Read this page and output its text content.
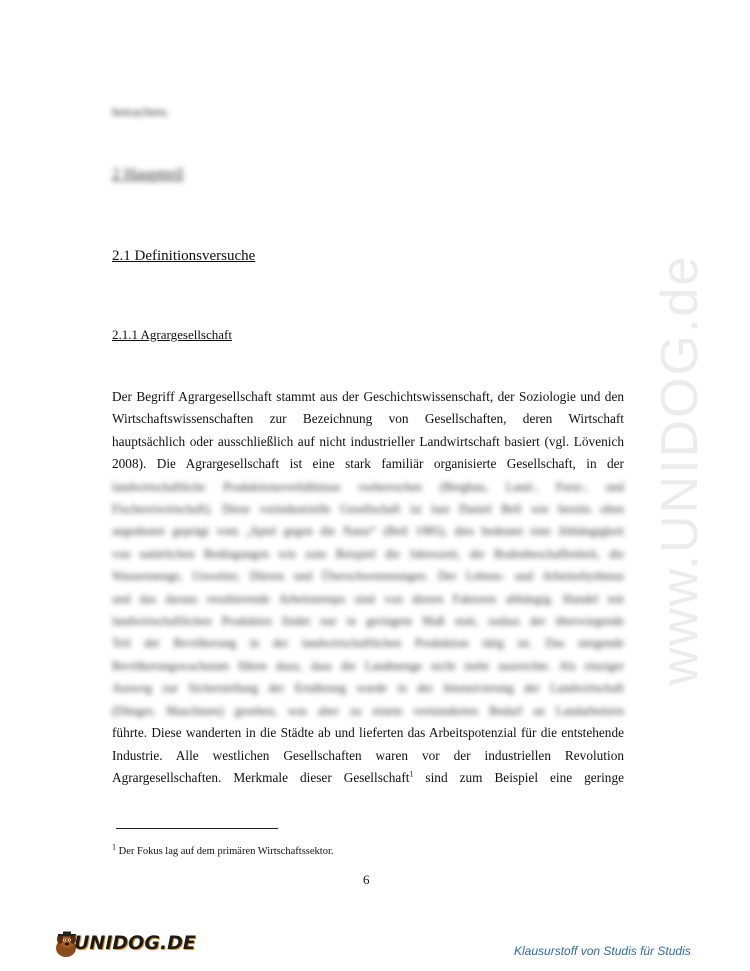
www.UNIDOG.de
betrachten.
2 Hauptteil
2.1 Definitionsversuche
2.1.1 Agrargesellschaft
Der Begriff Agrargesellschaft stammt aus der Geschichtswissenschaft, der Soziologie und den
Wirtschaftswissenschaften zur Bezeichnung von Gesellschaften, deren Wirtschaft
hauptsächlich oder ausschließlich auf nicht industrieller Landwirtschaft basiert (vgl. Lövenich
2008). Die Agrargesellschaft ist eine stark familiär organisierte Gesellschaft, in der
landwirtschaftliche Produktionsverhältnisse vorherrschen (Bergbau, Land-, Forst-, und
Fischereiwirtschaft). Diese vorindustrielle Gesellschaft ist laut Daniel Bell wie bereits oben
angedeutet geprägt vom „Spiel gegen die Natur“ (Bell 1985), dies bedeutet eine Abhängigkeit
von natürlichen Bedingungen wie zum Beispiel die Jahreszeit, die Bodenbeschaffenheit, die
Wassermenge, Unwetter, Dürren und Überschwemmungen. Der Lebens- und Arbeitsrhythmus
und das daraus resultierende Arbeitstempo sind von diesen Faktoren abhängig. Handel mit
landwirtschaftlichen Produkten findet nur in geringem Maß statt, sodass der überwiegende
Teil der Bevölkerung in der landwirtschaftlichen Produktion tätig ist. Das steigende
Bevölkerungswachstum führte dazu, dass die Landmenge nicht mehr ausreichte. Als einziger
Ausweg zur Sicherstellung der Ernährung wurde in der Intensivierung der Landwirtschaft
(Dünger, Maschinen) gesehen, was aber zu einem verminderten Bedarf an Landarbeitern
führte. Diese wanderten in die Städte ab und lieferten das Arbeitspotenzial für die entstehende
Industrie. Alle westlichen Gesellschaften waren vor der industriellen Revolution
Agrargesellschaften. Merkmale dieser Gesellschaft$^1$ sind zum Beispiel eine geringe
$^1$ Der Fokus lag auf dem primären Wirtschaftssektor.
6
UNIDOG.DE	Klausurstoff von Studis für Studis
